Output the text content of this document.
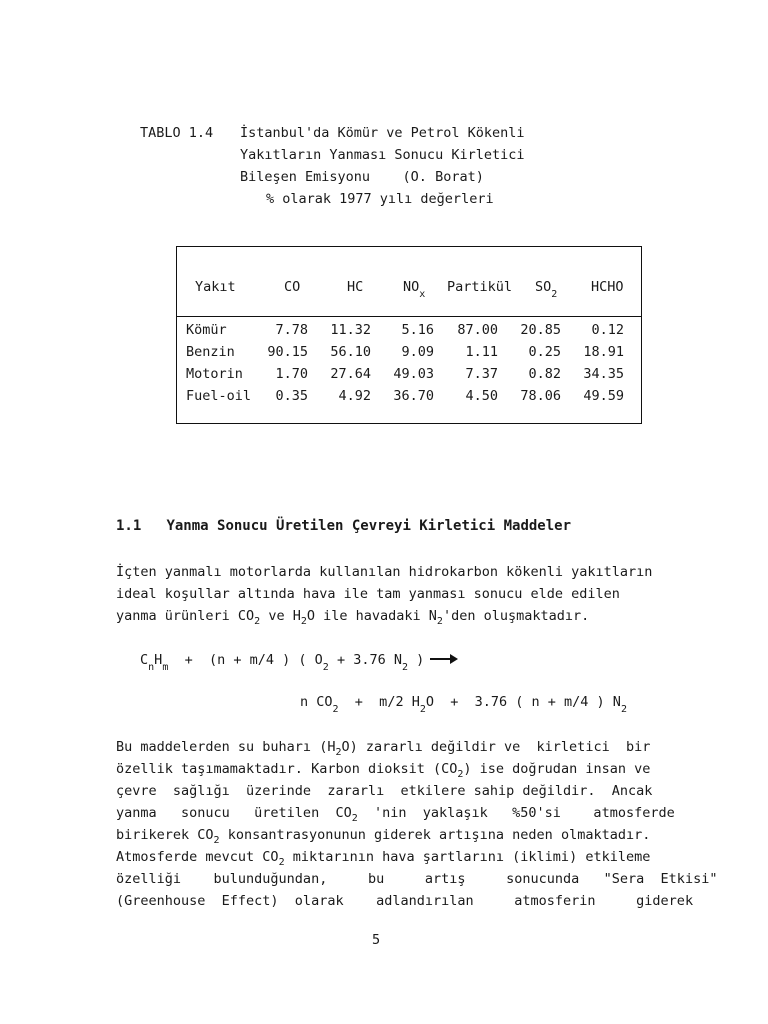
TABLO 1.4	İstanbul'da Kömür ve Petrol Kökenli
Yakıtların Yanması Sonucu Kirletici
Bileşen Emisyonu    (O. Borat)
% olarak 1977 yılı değerleri
Yakıt	CO	HC	$NO_x$ Partikül $SO_2$ HCHO
Kömür	7.78 11.32 5.16 87.00 20.85 0.12
Benzin 90.15 56.10 9.09 1.11 0.25 18.91
Motorin 1.70 27.64 49.03 7.37 0.82 34.35
Fuel-oil 0.35 4.92 36.70 4.50 78.06 49.59
1.1 Yanma Sonucu Üretilen Çevreyi Kirletici Maddeler
İçten yanmalı motorlarda kullanılan hidrokarbon kökenli yakıtların
ideal koşullar altında hava ile tam yanması sonucu elde edilen
yanma ürünleri CO 2 ve H 2 O ile havadaki N 2 'den oluşmaktadır.
$C_nH_m + (n + m/4$ ) ( $O_2 + 3.76$ $N_2$ )
n $CO_2 + m/2$ $H_2O + 3.76$ ( n + m/4 ) $N_2$
Bu maddelerden su buharı (H 2 O) zararlı değildir ve  kirletici  bir
özellik taşımamaktadır. Karbon dioksit (CO 2 ) ise doğrudan insan ve
çevre  sağlığı  üzerinde  zararlı  etkilere sahip değildir.  Ancak
yanma   sonucu   üretilen  CO 2 'nin  yaklaşık   %50'si    atmosferde
birikerek CO 2 konsantrasyonunun giderek artışına neden olmaktadır.
Atmosferde mevcut CO 2 miktarının hava şartlarını (iklimi) etkileme
özelliği    bulunduğundan,     bu     artış     sonucunda   "Sera  Etkisi"
(Greenhouse  Effect)  olarak    adlandırılan     atmosferin     giderek
5
